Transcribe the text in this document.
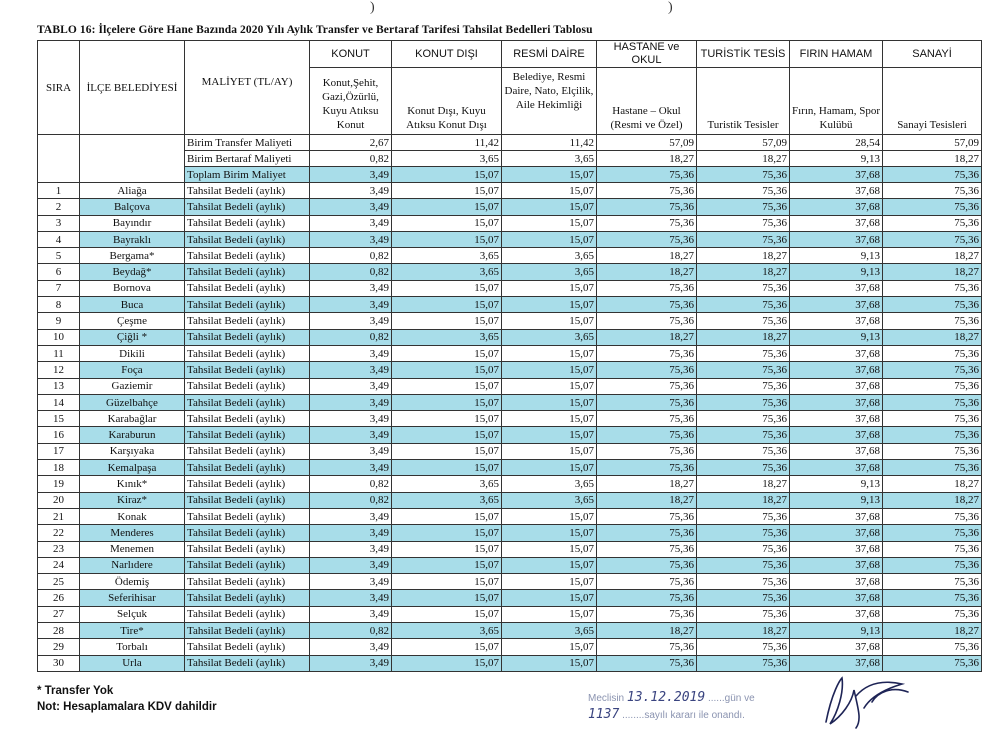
)	)
TABLO 16: İlçelere Göre Hane Bazında 2020 Yılı Aylık Transfer ve Bertaraf Tarifesi Tahsilat Bedelleri Tablosu
SIRA	İLÇE BELEDİYESİ	MALİYET (TL/AY)	KONUT	KONUT DIŞI	RESMİ DAİRE	HASTANE ve OKUL	TURİSTİK TESİS	FIRIN HAMAM	SANAYİ
			Konut,Şehit, Gazi,Özürlü, Kuyu Atıksu Konut	Konut Dışı, Kuyu Atıksu Konut Dışı	Belediye, Resmi Daire, Nato, Elçilik, Aile Hekimliği	Hastane – Okul (Resmi ve Özel)	Turistik Tesisler	Fırın, Hamam, Spor Kulübü	Sanayi Tesisleri
		Birim Transfer Maliyeti	2,67	11,42	11,42	57,09	57,09	28,54	57,09
		Birim Bertaraf Maliyeti	0,82	3,65	3,65	18,27	18,27	9,13	18,27
		Toplam Birim Maliyet	3,49	15,07	15,07	75,36	75,36	37,68	75,36
1	Aliağa	Tahsilat Bedeli (aylık)	3,49	15,07	15,07	75,36	75,36	37,68	75,36
2	Balçova	Tahsilat Bedeli (aylık)	3,49	15,07	15,07	75,36	75,36	37,68	75,36
3	Bayındır	Tahsilat Bedeli (aylık)	3,49	15,07	15,07	75,36	75,36	37,68	75,36
4	Bayraklı	Tahsilat Bedeli (aylık)	3,49	15,07	15,07	75,36	75,36	37,68	75,36
5	Bergama*	Tahsilat Bedeli (aylık)	0,82	3,65	3,65	18,27	18,27	9,13	18,27
6	Beydağ*	Tahsilat Bedeli (aylık)	0,82	3,65	3,65	18,27	18,27	9,13	18,27
7	Bornova	Tahsilat Bedeli (aylık)	3,49	15,07	15,07	75,36	75,36	37,68	75,36
8	Buca	Tahsilat Bedeli (aylık)	3,49	15,07	15,07	75,36	75,36	37,68	75,36
9	Çeşme	Tahsilat Bedeli (aylık)	3,49	15,07	15,07	75,36	75,36	37,68	75,36
10	Çiğli *	Tahsilat Bedeli (aylık)	0,82	3,65	3,65	18,27	18,27	9,13	18,27
11	Dikili	Tahsilat Bedeli (aylık)	3,49	15,07	15,07	75,36	75,36	37,68	75,36
12	Foça	Tahsilat Bedeli (aylık)	3,49	15,07	15,07	75,36	75,36	37,68	75,36
13	Gaziemir	Tahsilat Bedeli (aylık)	3,49	15,07	15,07	75,36	75,36	37,68	75,36
14	Güzelbahçe	Tahsilat Bedeli (aylık)	3,49	15,07	15,07	75,36	75,36	37,68	75,36
15	Karabağlar	Tahsilat Bedeli (aylık)	3,49	15,07	15,07	75,36	75,36	37,68	75,36
16	Karaburun	Tahsilat Bedeli (aylık)	3,49	15,07	15,07	75,36	75,36	37,68	75,36
17	Karşıyaka	Tahsilat Bedeli (aylık)	3,49	15,07	15,07	75,36	75,36	37,68	75,36
18	Kemalpaşa	Tahsilat Bedeli (aylık)	3,49	15,07	15,07	75,36	75,36	37,68	75,36
19	Kınık*	Tahsilat Bedeli (aylık)	0,82	3,65	3,65	18,27	18,27	9,13	18,27
20	Kiraz*	Tahsilat Bedeli (aylık)	0,82	3,65	3,65	18,27	18,27	9,13	18,27
21	Konak	Tahsilat Bedeli (aylık)	3,49	15,07	15,07	75,36	75,36	37,68	75,36
22	Menderes	Tahsilat Bedeli (aylık)	3,49	15,07	15,07	75,36	75,36	37,68	75,36
23	Menemen	Tahsilat Bedeli (aylık)	3,49	15,07	15,07	75,36	75,36	37,68	75,36
24	Narlıdere	Tahsilat Bedeli (aylık)	3,49	15,07	15,07	75,36	75,36	37,68	75,36
25	Ödemiş	Tahsilat Bedeli (aylık)	3,49	15,07	15,07	75,36	75,36	37,68	75,36
26	Seferihisar	Tahsilat Bedeli (aylık)	3,49	15,07	15,07	75,36	75,36	37,68	75,36
27	Selçuk	Tahsilat Bedeli (aylık)	3,49	15,07	15,07	75,36	75,36	37,68	75,36
28	Tire*	Tahsilat Bedeli (aylık)	0,82	3,65	3,65	18,27	18,27	9,13	18,27
29	Torbalı	Tahsilat Bedeli (aylık)	3,49	15,07	15,07	75,36	75,36	37,68	75,36
30	Urla	Tahsilat Bedeli (aylık)	3,49	15,07	15,07	75,36	75,36	37,68	75,36
* Transfer Yok
Not: Hesaplamalara KDV dahildir
Meclisin 13.12.2019 ......gün ve
1137 ........sayılı kararı ile onandı.
